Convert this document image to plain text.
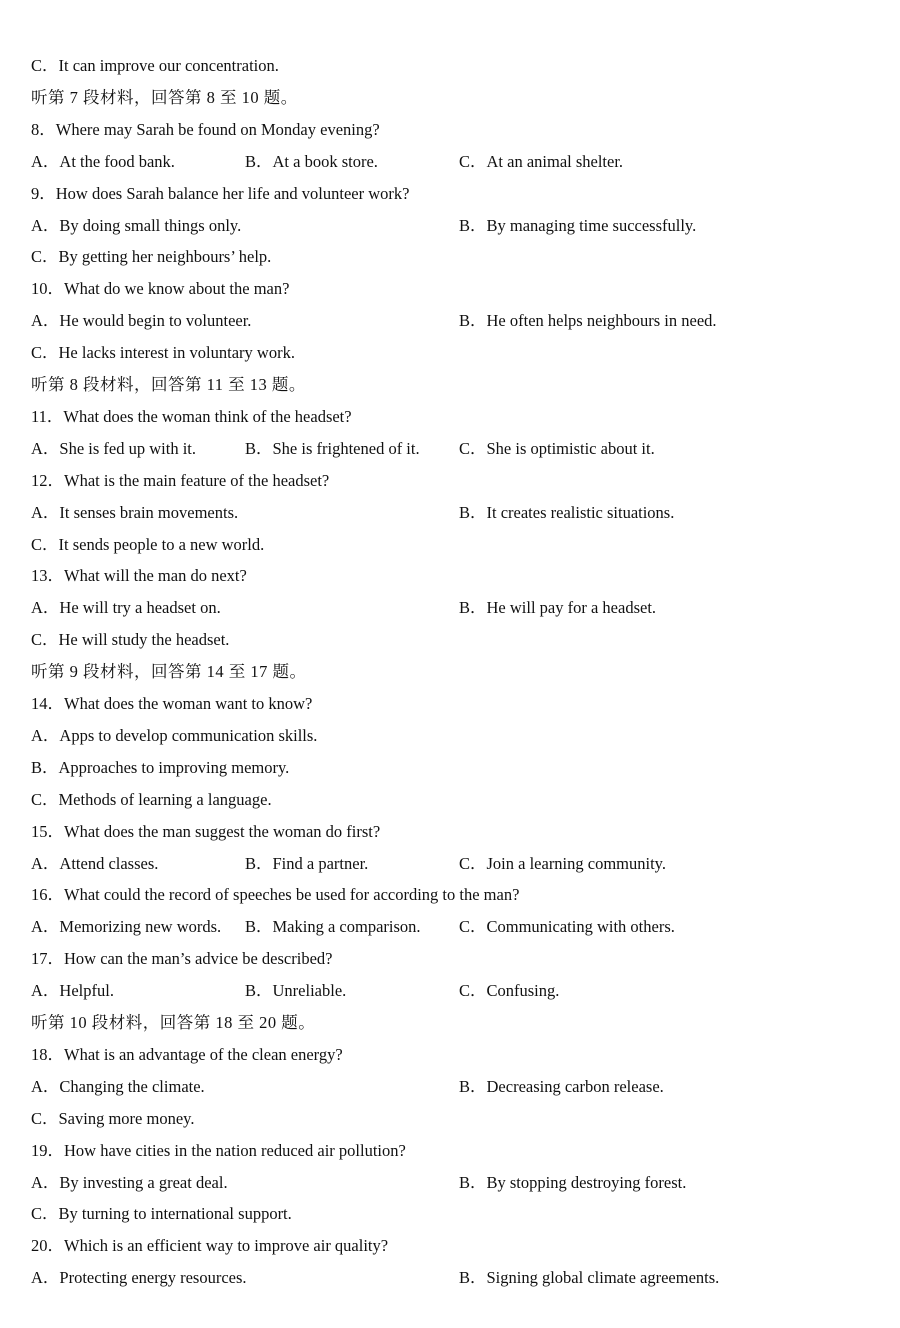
C．It can improve our concentration.
听第 7 段材料，回答第 8 至 10 题。
8．Where may Sarah be found on Monday evening?
A．At the food bank.	B．At a book store.	C．At an animal shelter.
9．How does Sarah balance her life and volunteer work?
A．By doing small things only.	B．By managing time successfully.
C．By getting her neighbours’ help.
10．What do we know about the man?
A．He would begin to volunteer.	B．He often helps neighbours in need.
C．He lacks interest in voluntary work.
听第 8 段材料，回答第 11 至 13 题。
11．What does the woman think of the headset?
A．She is fed up with it.	B．She is frightened of it. C．She is optimistic about it.
12．What is the main feature of the headset?
A．It senses brain movements.	B．It creates realistic situations.
C．It sends people to a new world.
13．What will the man do next?
A．He will try a headset on.	B．He will pay for a headset.
C．He will study the headset.
听第 9 段材料，回答第 14 至 17 题。
14．What does the woman want to know?
A．Apps to develop communication skills.
B．Approaches to improving memory.
C．Methods of learning a language.
15．What does the man suggest the woman do first?
A．Attend classes.	B．Find a partner.	C．Join a learning community.
16．What could the record of speeches be used for according to the man?
A．Memorizing new words. B．Making a comparison. C．Communicating with others.
17．How can the man’s advice be described?
A．Helpful.	B．Unreliable.	C．Confusing.
听第 10 段材料，回答第 18 至 20 题。
18．What is an advantage of the clean energy?
A．Changing the climate.	B．Decreasing carbon release.
C．Saving more money.
19．How have cities in the nation reduced air pollution?
A．By investing a great deal.	B．By stopping destroying forest.
C．By turning to international support.
20．Which is an efficient way to improve air quality?
A．Protecting energy resources.	B．Signing global climate agreements.
